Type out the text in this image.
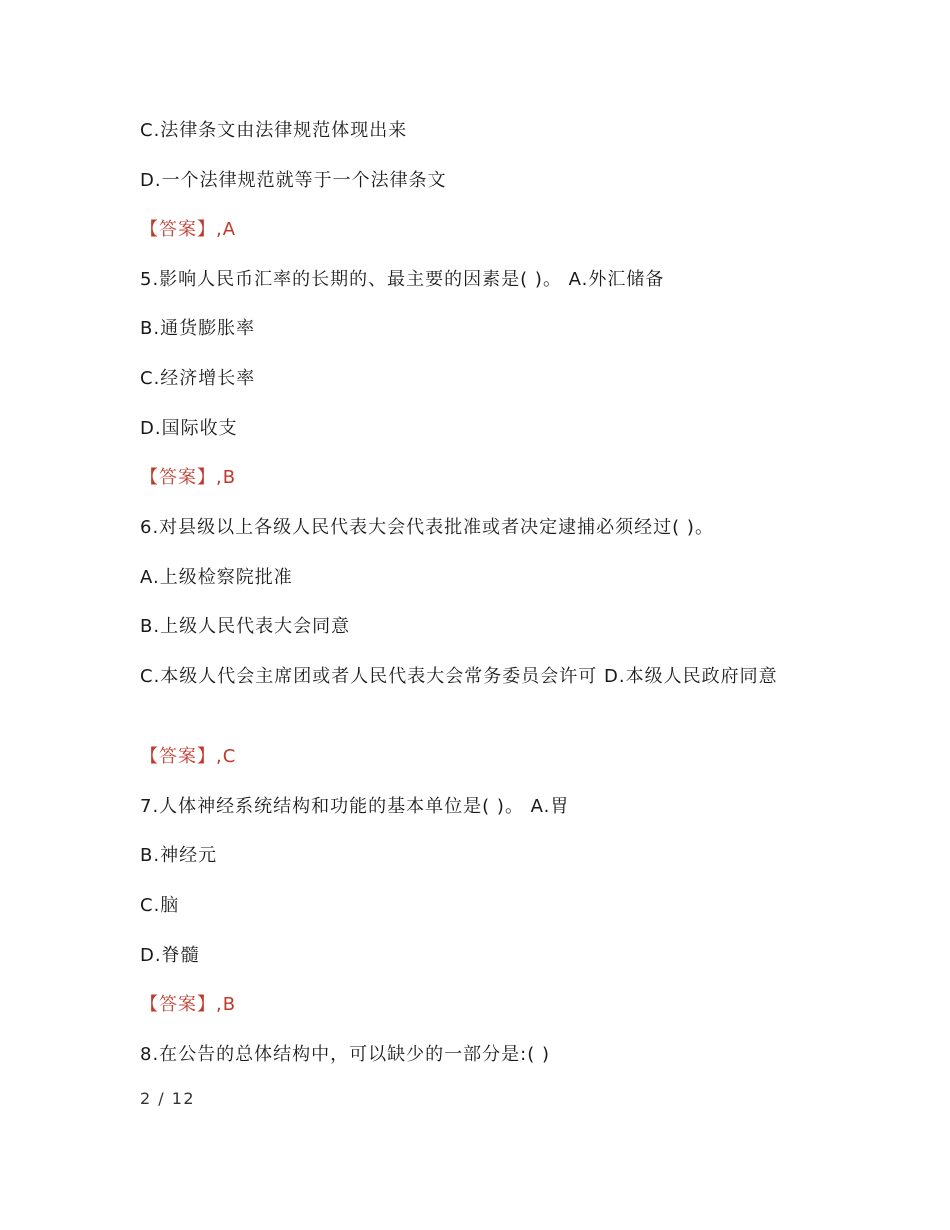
C.法律条文由法律规范体现出来
D.一个法律规范就等于一个法律条文
【答案】,A
5.影响人民币汇率的长期的、最主要的因素是( )。 A.外汇储备
B.通货膨胀率
C.经济增长率
D.国际收支
【答案】,B
6.对县级以上各级人民代表大会代表批准或者决定逮捕必须经过( )。
A.上级检察院批准
B.上级人民代表大会同意
C.本级人代会主席团或者人民代表大会常务委员会许可 D.本级人民政府同意
【答案】,C
7.人体神经系统结构和功能的基本单位是( )。 A.胃
B.神经元
C.脑
D.脊髓
【答案】,B
8.在公告的总体结构中，可以缺少的一部分是:( )
2 / 12
